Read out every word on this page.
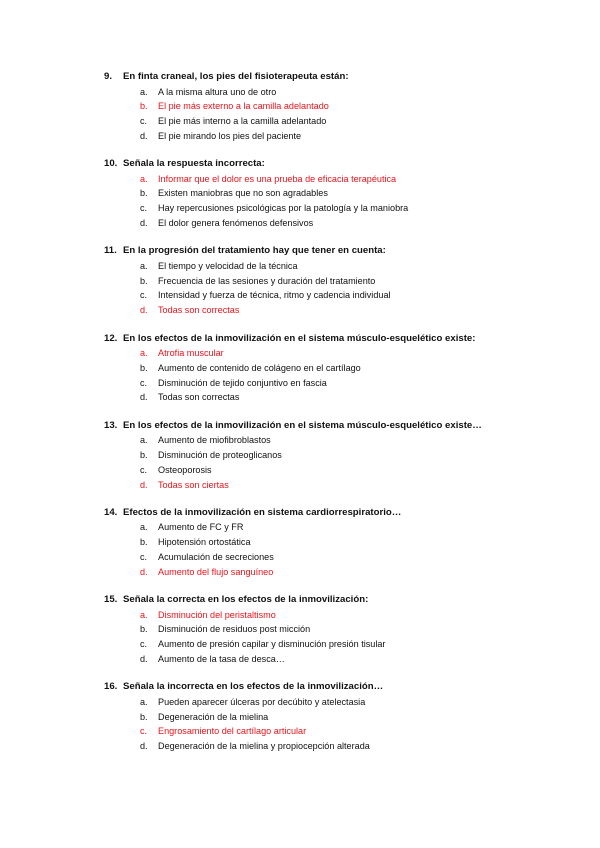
9.	En finta craneal, los pies del fisioterapeuta están:
a.	A la misma altura uno de otro
b.	El pie más externo a la camilla adelantado
c.	El pie más interno a la camilla adelantado
d.	El pie mirando los pies del paciente
10. Señala la respuesta incorrecta:
a.	Informar que el dolor es una prueba de eficacia terapéutica
b.	Existen maniobras que no son agradables
c.	Hay repercusiones psicológicas por la patología y la maniobra
d.	El dolor genera fenómenos defensivos
11. En la progresión del tratamiento hay que tener en cuenta:
a.	El tiempo y velocidad de la técnica
b.	Frecuencia de las sesiones y duración del tratamiento
c.	Intensidad y fuerza de técnica, ritmo y cadencia individual
d.	Todas son correctas
12. En los efectos de la inmovilización en el sistema músculo-esquelético existe:
a.	Atrofia muscular
b.	Aumento de contenido de colágeno en el cartílago
c.	Disminución de tejido conjuntivo en fascia
d.	Todas son correctas
13. En los efectos de la inmovilización en el sistema músculo-esquelético existe…
a.	Aumento de miofibroblastos
b.	Disminución de proteoglicanos
c.	Osteoporosis
d.	Todas son ciertas
14. Efectos de la inmovilización en sistema cardiorrespiratorio…
a.	Aumento de FC y FR
b.	Hipotensión ortostática
c.	Acumulación de secreciones
d.	Aumento del flujo sanguíneo
15. Señala la correcta en los efectos de la inmovilización:
a.	Disminución del peristaltismo
b.	Disminución de residuos post micción
c.	Aumento de presión capilar y disminución presión tisular
d.	Aumento de la tasa de desca…
16. Señala la incorrecta en los efectos de la inmovilización…
a.	Pueden aparecer úlceras por decúbito y atelectasia
b.	Degeneración de la mielina
c.	Engrosamiento del cartílago articular
d.	Degeneración de la mielina y propiocepción alterada
